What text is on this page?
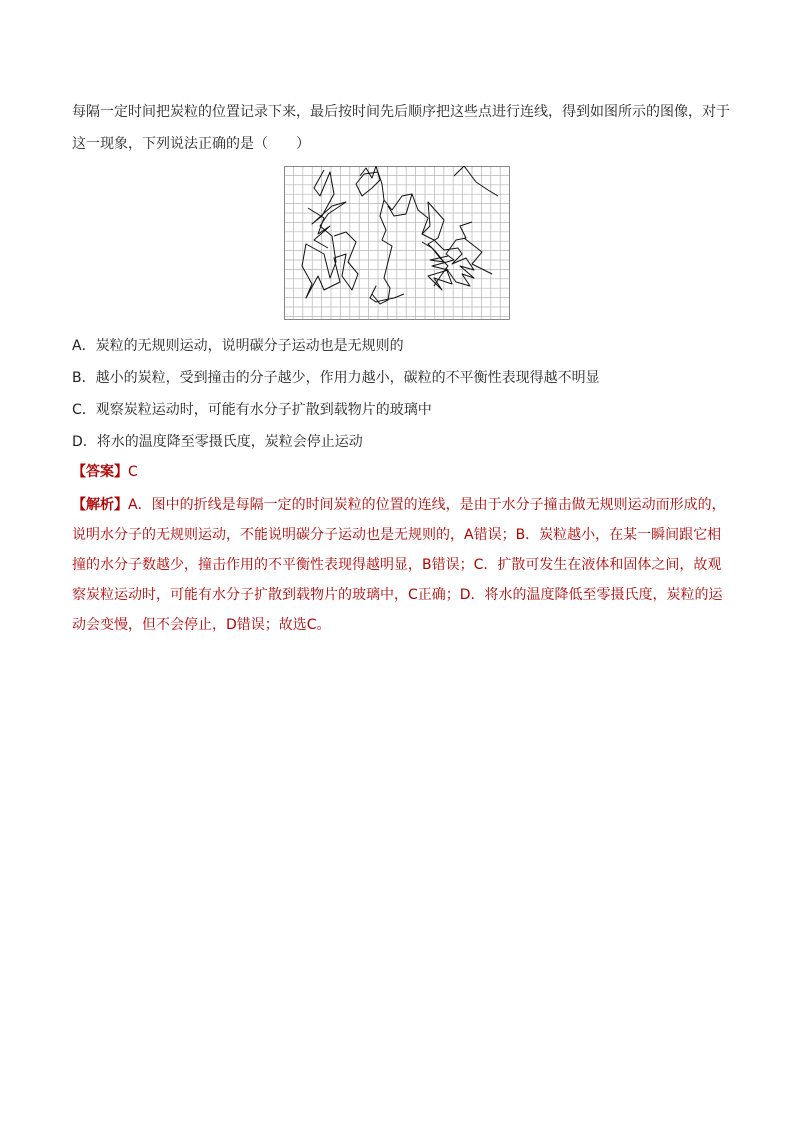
每隔一定时间把炭粒的位置记录下来，最后按时间先后顺序把这些点进行连线，得到如图所示的图像，对于这一现象，下列说法正确的是（　　）
A．炭粒的无规则运动，说明碳分子运动也是无规则的
B．越小的炭粒，受到撞击的分子越少，作用力越小，碳粒的不平衡性表现得越不明显
C．观察炭粒运动时，可能有水分子扩散到载物片的玻璃中
D．将水的温度降至零摄氏度，炭粒会停止运动
【答案】C
【解析】A．图中的折线是每隔一定的时间炭粒的位置的连线，是由于水分子撞击做无规则运动而形成的，说明水分子的无规则运动，不能说明碳分子运动也是无规则的，A错误；B．炭粒越小，在某一瞬间跟它相撞的水分子数越少，撞击作用的不平衡性表现得越明显，B错误；C．扩散可发生在液体和固体之间，故观察炭粒运动时，可能有水分子扩散到载物片的玻璃中，C正确；D．将水的温度降低至零摄氏度，炭粒的运动会变慢，但不会停止，D错误；故选C。
